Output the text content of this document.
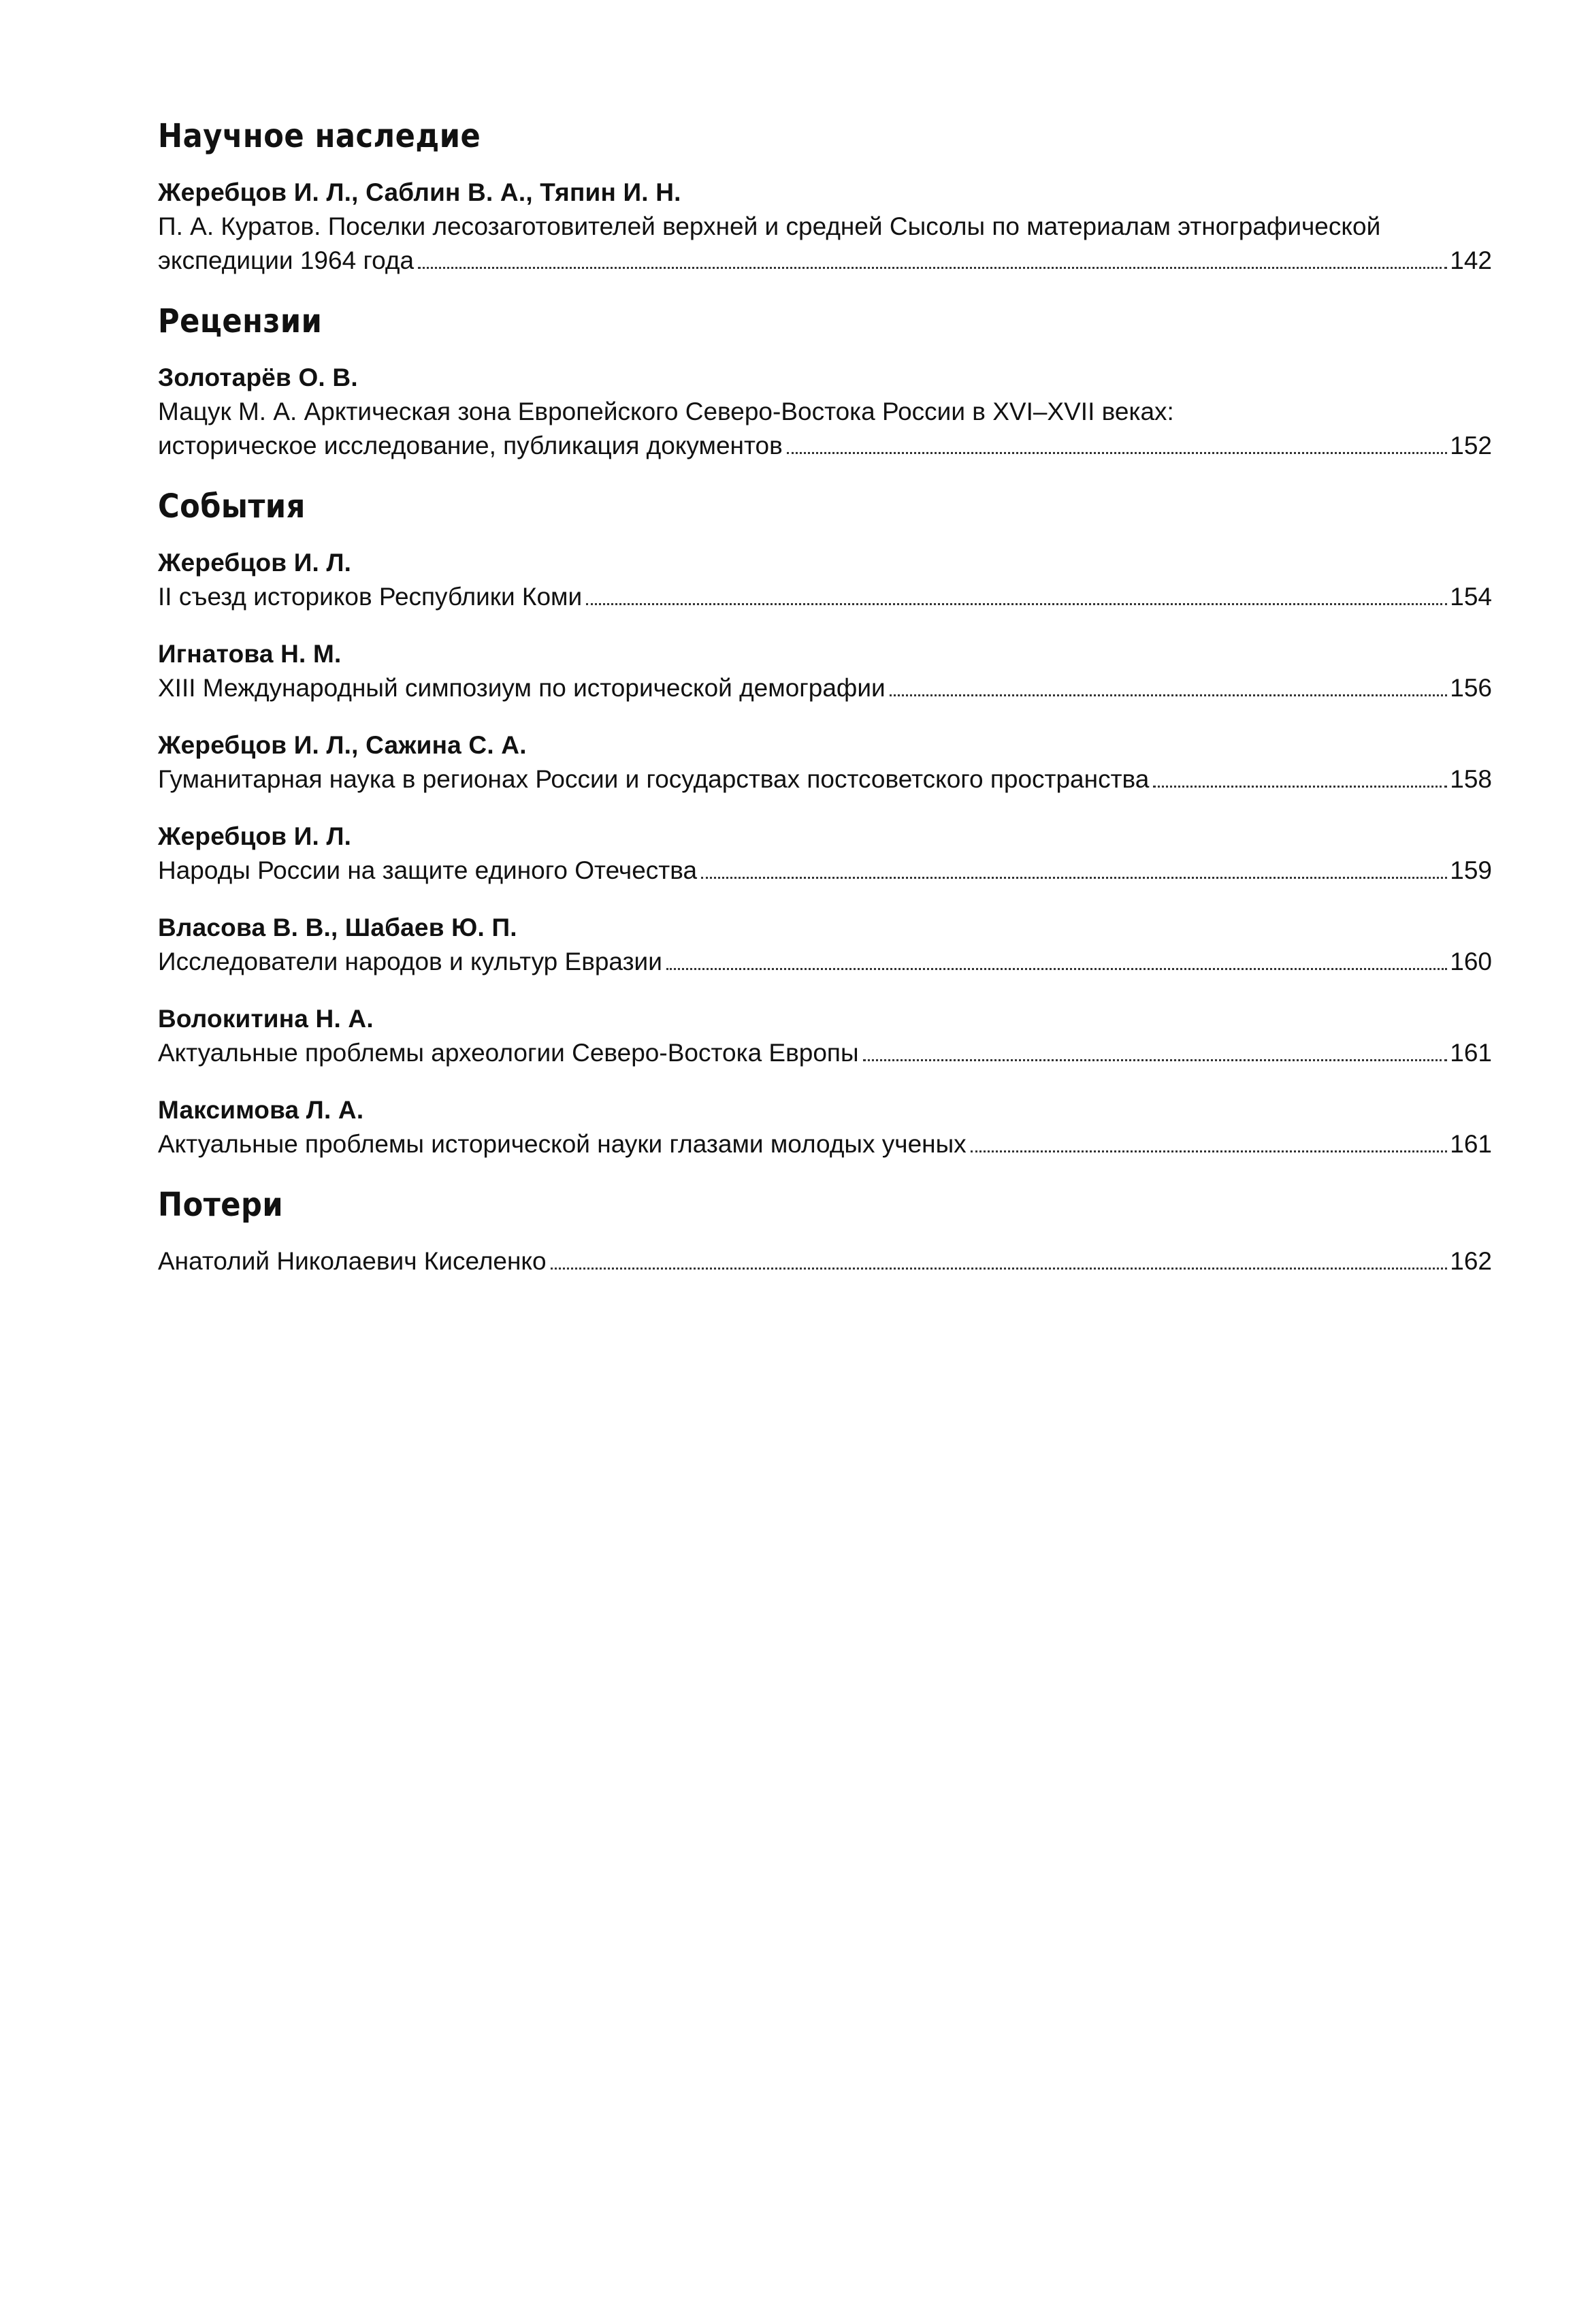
Научное наследие
Жеребцов И. Л., Саблин В. А., Тяпин И. Н.
П. А. Куратов. Поселки лесозаготовителей верхней и средней Сысолы по материалам этнографической
экспедиции 1964 года	142
Рецензии
Золотарёв О. В.
Мацук М. А. Арктическая зона Европейского Северо-Востока России в XVI–XVII веках:
историческое исследование, публикация документов	152
События
Жеребцов И. Л.
II съезд историков Республики Коми	154
Игнатова Н. М.
XIII Международный симпозиум по исторической демографии	156
Жеребцов И. Л., Сажина С. А.
Гуманитарная наука в регионах России и государствах постсоветского пространства	158
Жеребцов И. Л.
Народы России на защите единого Отечества	159
Власова В. В., Шабаев Ю. П.
Исследователи народов и культур Евразии	160
Волокитина Н. А.
Актуальные проблемы археологии Северо-Востока Европы	161
Максимова Л. А.
Актуальные проблемы исторической науки глазами молодых ученых	161
Потери
Анатолий Николаевич Киселенко	162
